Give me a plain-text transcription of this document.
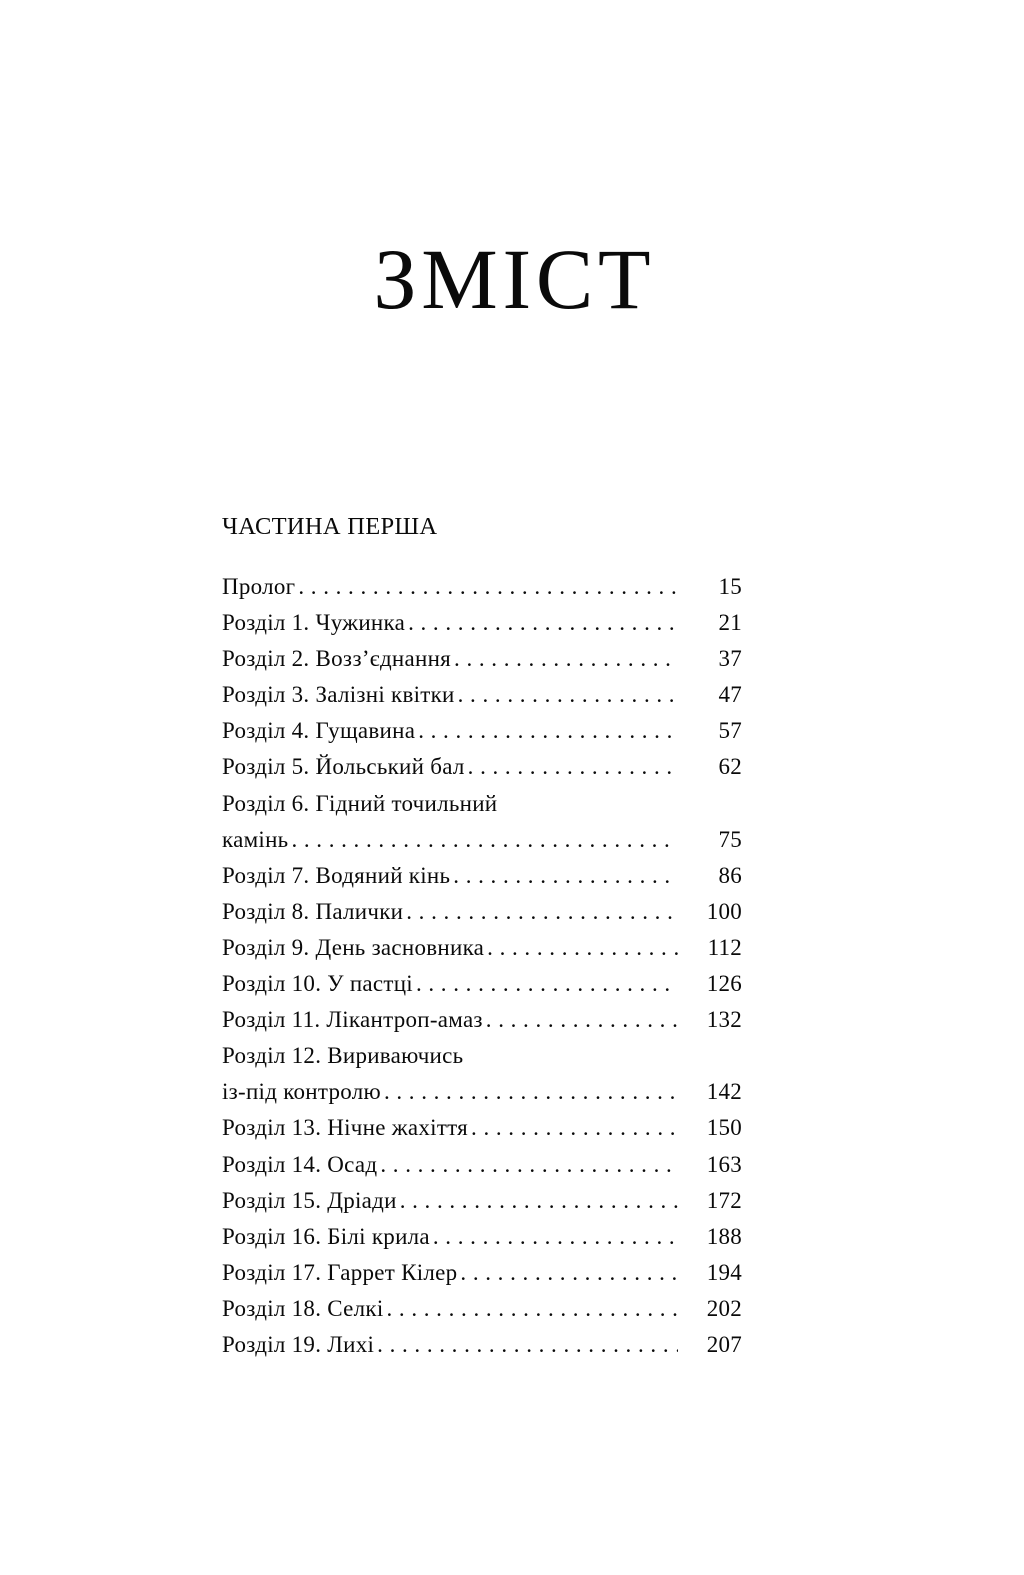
ЗМІСТ
ЧАСТИНА ПЕРША
Пролог . . .	15
Розділ 1. Чужинка . . .	21
Розділ 2. Возз’єднання . . .	37
Розділ 3. Залізні квітки . . .	47
Розділ 4. Гущавина . . .	57
Розділ 5. Йольський бал . . .	62
Розділ 6. Гідний точильний
камінь . . .	75
Розділ 7. Водяний кінь . . .	86
Розділ 8. Палички . . .	100
Розділ 9. День засновника . . .	112
Розділ 10. У пастці . . .	126
Розділ 11. Лікантроп-амаз . . .	132
Розділ 12. Вириваючись
із-під контролю . . .	142
Розділ 13. Нічне жахіття . . .	150
Розділ 14. Осад . . .	163
Розділ 15. Дріади . . .	172
Розділ 16. Білі крила . . .	188
Розділ 17. Гаррет Кілер . . .	194
Розділ 18. Селкі . . .	202
Розділ 19. Лихі . . .	207
